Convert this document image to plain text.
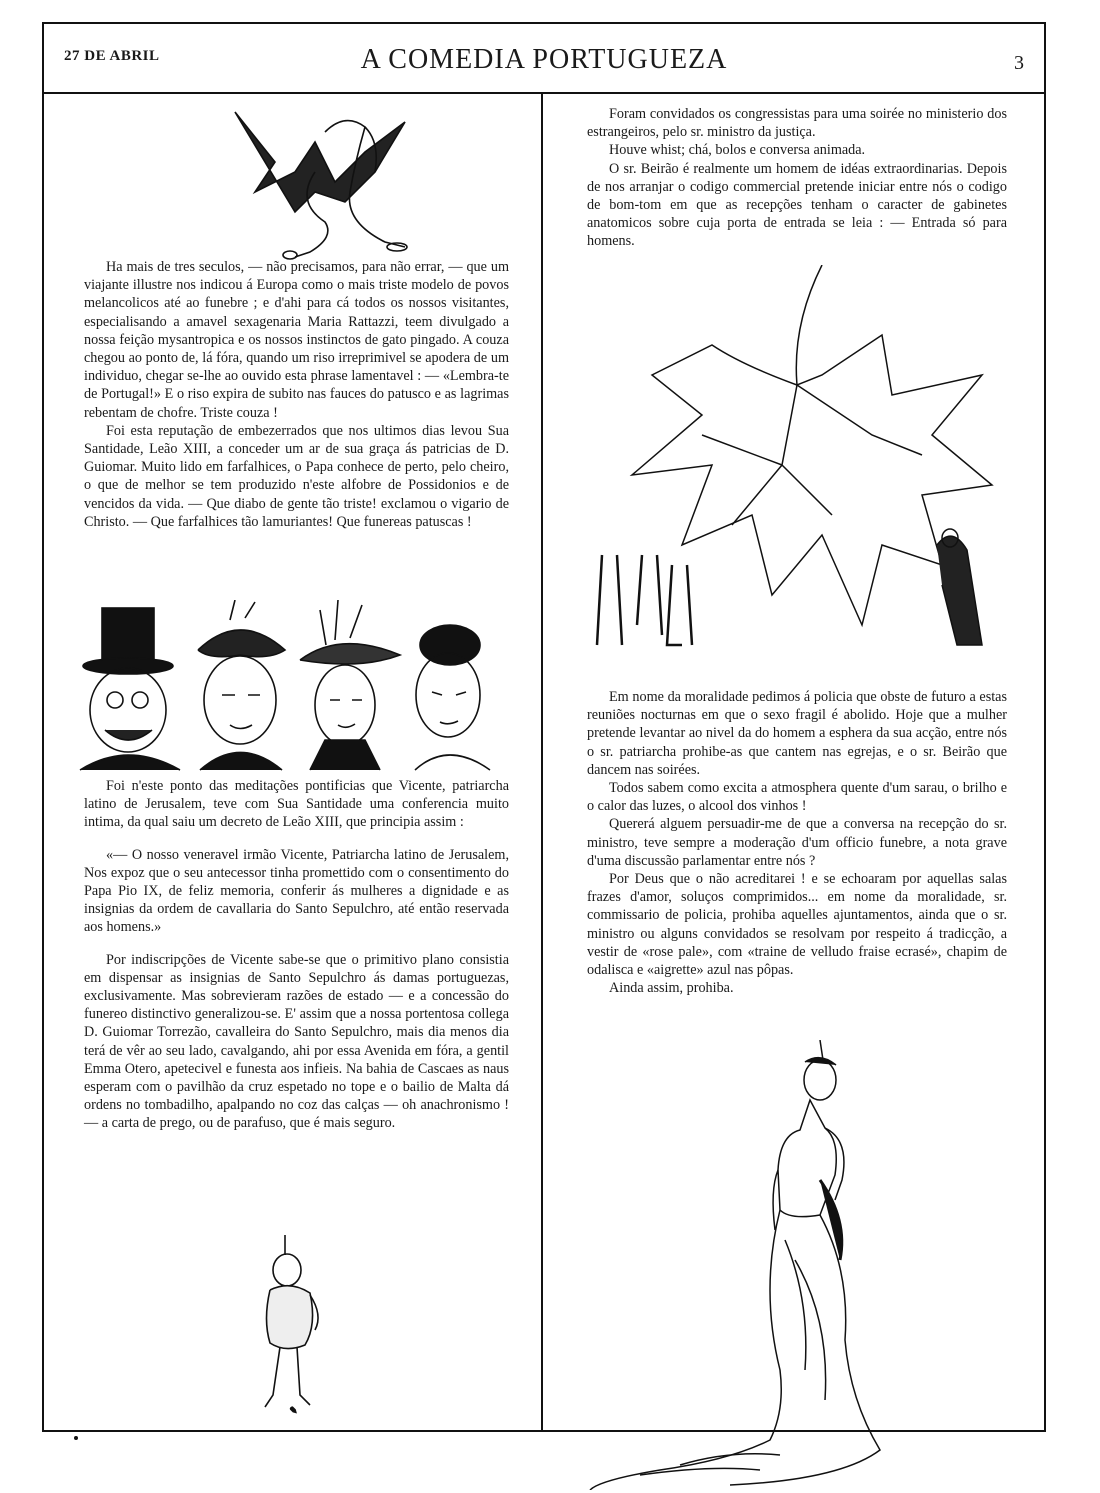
27 DE ABRIL	A COMEDIA PORTUGUEZA	3

Ha mais de tres seculos, — não precisamos, para não errar, — que um viajante illustre nos indicou á Europa como o mais triste modelo de povos melancolicos até ao funebre ; e d'ahi para cá todos os nossos visitantes, especialisando a amavel sexagenaria Maria Rattazzi, teem divulgado a nossa feição mysantropica e os nossos instinctos de gato pingado. A couza chegou ao ponto de, lá fóra, quando um riso irreprimivel se apodera de um individuo, chegar se-lhe ao ouvido esta phrase lamentavel : — «Lembra-te de Portugal!» E o riso expira de subito nas fauces do patusco e as lagrimas rebentam de chofre. Triste couza !

Foi esta reputação de embezerrados que nos ultimos dias levou Sua Santidade, Leão XIII, a conceder um ar de sua graça ás patricias de D. Guiomar. Muito lido em farfalhices, o Papa conhece de perto, pelo cheiro, o que de melhor se tem produzido n'este alfobre de Possidonios e de vencidos da vida. — Que diabo de gente tão triste! exclamou o vigario de Christo. — Que farfalhices tão lamuriantes! Que funereas patuscas !

Foi n'este ponto das meditações pontificias que Vicente, patriarcha latino de Jerusalem, teve com Sua Santidade uma conferencia muito intima, da qual saiu um decreto de Leão XIII, que principia assim :

«— O nosso veneravel irmão Vicente, Patriarcha latino de Jerusalem, Nos expoz que o seu antecessor tinha promettido com o consentimento do Papa Pio IX, de feliz memoria, conferir ás mulheres a dignidade e as insignias da ordem de cavallaria do Santo Sepulchro, até então reservada aos homens.»

Por indiscripções de Vicente sabe-se que o primitivo plano consistia em dispensar as insignias de Santo Sepulchro ás damas portuguezas, exclusivamente. Mas sobrevieram razões de estado — e a concessão do funereo distinctivo generalizou-se. E' assim que a nossa portentosa collega D. Guiomar Torrezão, cavalleira do Santo Sepulchro, mais dia menos dia terá de vêr ao seu lado, cavalgando, ahi por essa Avenida em fóra, a gentil Emma Otero, apetecivel e funesta aos infieis. Na bahia de Cascaes as naus esperam com o pavilhão da cruz espetado no tope e o bailio de Malta dá ordens no tombadilho, apalpando no coz das calças — oh anachronismo ! — a carta de prego, ou de parafuso, que é mais seguro.

✎

Foram convidados os congressistas para uma soirée no ministerio dos estrangeiros, pelo sr. ministro da justiça.

Houve whist; chá, bolos e conversa animada.

O sr. Beirão é realmente um homem de idéas extraordinarias. Depois de nos arranjar o codigo commercial pretende iniciar entre nós o codigo de bom-tom em que as recepções tenham o caracter de gabinetes anatomicos sobre cuja porta de entrada se leia : — Entrada só para homens.

Em nome da moralidade pedimos á policia que obste de futuro a estas reuniões nocturnas em que o sexo fragil é abolido. Hoje que a mulher pretende levantar ao nivel da do homem a esphera da sua acção, entre nós o sr. patriarcha prohibe-as que cantem nas egrejas, e o sr. Beirão que dancem nas soirées.

Todos sabem como excita a atmosphera quente d'um sarau, o brilho e o calor das luzes, o alcool dos vinhos !

Quererá alguem persuadir-me de que a conversa na recepção do sr. ministro, teve sempre a moderação d'um officio funebre, a nota grave d'uma discussão parlamentar entre nós ?

Por Deus que o não acreditarei ! e se echoaram por aquellas salas frazes d'amor, soluços comprimidos... em nome da moralidade, sr. commissario de policia, prohiba aquelles ajuntamentos, ainda que o sr. ministro ou alguns convidados se resolvam por respeito á tradicção, a vestir de «rose pale», com «traine de velludo fraise ecrasé», chapim de odalisca e «aigrette» azul nas pôpas.

Ainda assim, prohiba.
